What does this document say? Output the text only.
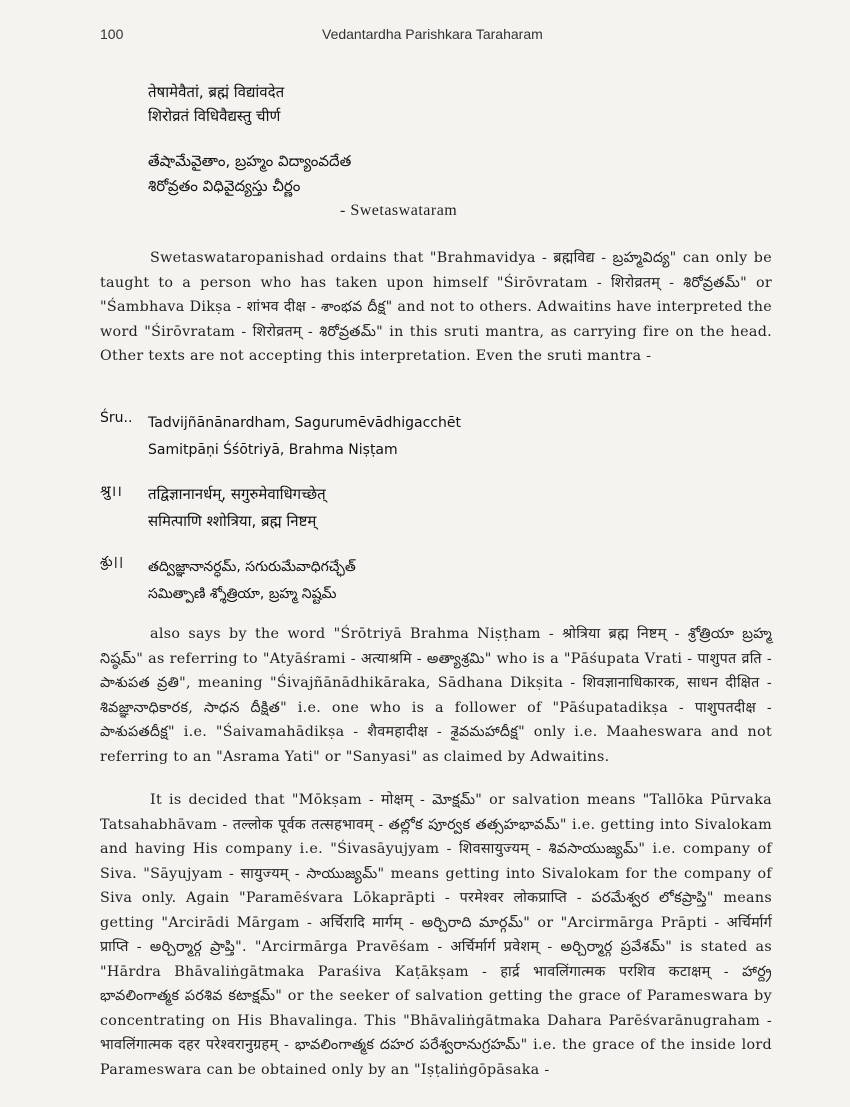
100	Vedantardha Parishkara Taraharam
तेषामेवैतां, ब्रह्मं विद्यांवदेत
शिरोव्रतं विधिवैद्यस्तु चीर्ण
తేషామేవైతాం, బ్రహ్మం విద్యాంవదేత
శిరోవ్రతం విధివైద్యస్తు చీర్ణం
- Swetaswataram

Swetaswataropanishad ordains that "Brahmavidya - ब्रह्मविद्य - బ్రహ్మవిద్య" can only be taught to a person who has taken upon himself "Śirōvratam - शिरोव्रतम् - శిరోవ్రతమ్" or "Śambhava Dikṣa - शांभव दीक्ष - శాంభవ దీక్ష" and not to others. Adwaitins have interpreted the word "Śirōvratam - शिरोव्रतम् - శిరోవ్రతమ్" in this sruti mantra, as carrying fire on the head. Other texts are not accepting this interpretation. Even the sruti mantra -

Śru..	Tadvijñānānardham, Sagurumēvādhigacchēt
Samitpāṇi Śśōtriyā, Brahma Niṣṭam
श्रु।।	तद्विज्ञानानर्धम्, सगुरुमेवाधिगच्छेत्
समित्पाणि श्शोत्रिया, ब्रह्म निष्टम्
శ్రు।।	తద్విజ్ఞానానర్ధమ్, సగురుమేవాధిగచ్ఛేత్
సమిత్పాణి శ్శోత్రియా, బ్రహ్మ నిష్టమ్

also says by the word "Śrōtriyā Brahma Niṣṭham - श्रोत्रिया ब्रह्म निष्टम् - శ్రోత్రియా బ్రహ్మ నిష్ఠమ్" as referring to "Atyāśrami - अत्याश्रमि - అత్యాశ్రమి" who is a "Pāśupata Vrati - पाशुपत व्रति - పాశుపత వ్రతి", meaning "Śivajñānādhikāraka, Sādhana Dikṣita - शिवज्ञानाधिकारक, साधन दीक्षित - శివజ్ఞానాధికారక, సాధన దీక్షిత" i.e. one who is a follower of "Pāśupatadikṣa - पाशुपतदीक्ष - పాశుపతదీక్ష" i.e. "Śaivamahādikṣa - शैवमहादीक्ष - శైవమహాదీక్ష" only i.e. Maaheswara and not referring to an "Asrama Yati" or "Sanyasi" as claimed by Adwaitins.

It is decided that "Mōkṣam - मोक्षम् - మోక్షమ్" or salvation means "Tallōka Pūrvaka Tatsahabhāvam - तल्लोक पूर्वक तत्सहभावम् - తల్లోక పూర్వక తత్సహభావమ్" i.e. getting into Sivalokam and having His company i.e. "Śivasāyujyam - शिवसायुज्यम् - శివసాయుజ్యమ్" i.e. company of Siva. "Sāyujyam - सायुज्यम् - సాయుజ్యమ్" means getting into Sivalokam for the company of Siva only. Again "Paramēśvara Lōkaprāpti - परमेश्वर लोकप्राप्ति - పరమేశ్వర లోకప్రాప్తి" means getting "Arcirādi Mārgam - अर्चिरादि मार्गम् - అర్చిరాది మార్గమ్" or "Arcirmārga Prāpti - अर्चिर्मार्ग प्राप्ति - అర్చిర్మార్గ ప్రాప్తి". "Arcirmārga Pravēśam - अर्चिर्मार्ग प्रवेशम् - అర్చిర్మార్గ ప్రవేశమ్" is stated as "Hārdra Bhāvaliṅgātmaka Paraśiva Kaṭākṣam - हार्द्र भावलिंगात्मक परशिव कटाक्षम् - హార్ద్ర భావలింగాత్మక పరశివ కటాక్షమ్" or the seeker of salvation getting the grace of Parameswara by concentrating on His Bhavalinga. This "Bhāvaliṅgātmaka Dahara Parēśvarānugraham - भावलिंगात्मक दहर परेश्वरानुग्रहम् - భావలింగాత్మక దహర పరేశ్వరానుగ్రహమ్" i.e. the grace of the inside lord Parameswara can be obtained only by an "Iṣṭaliṅgōpāsaka -
